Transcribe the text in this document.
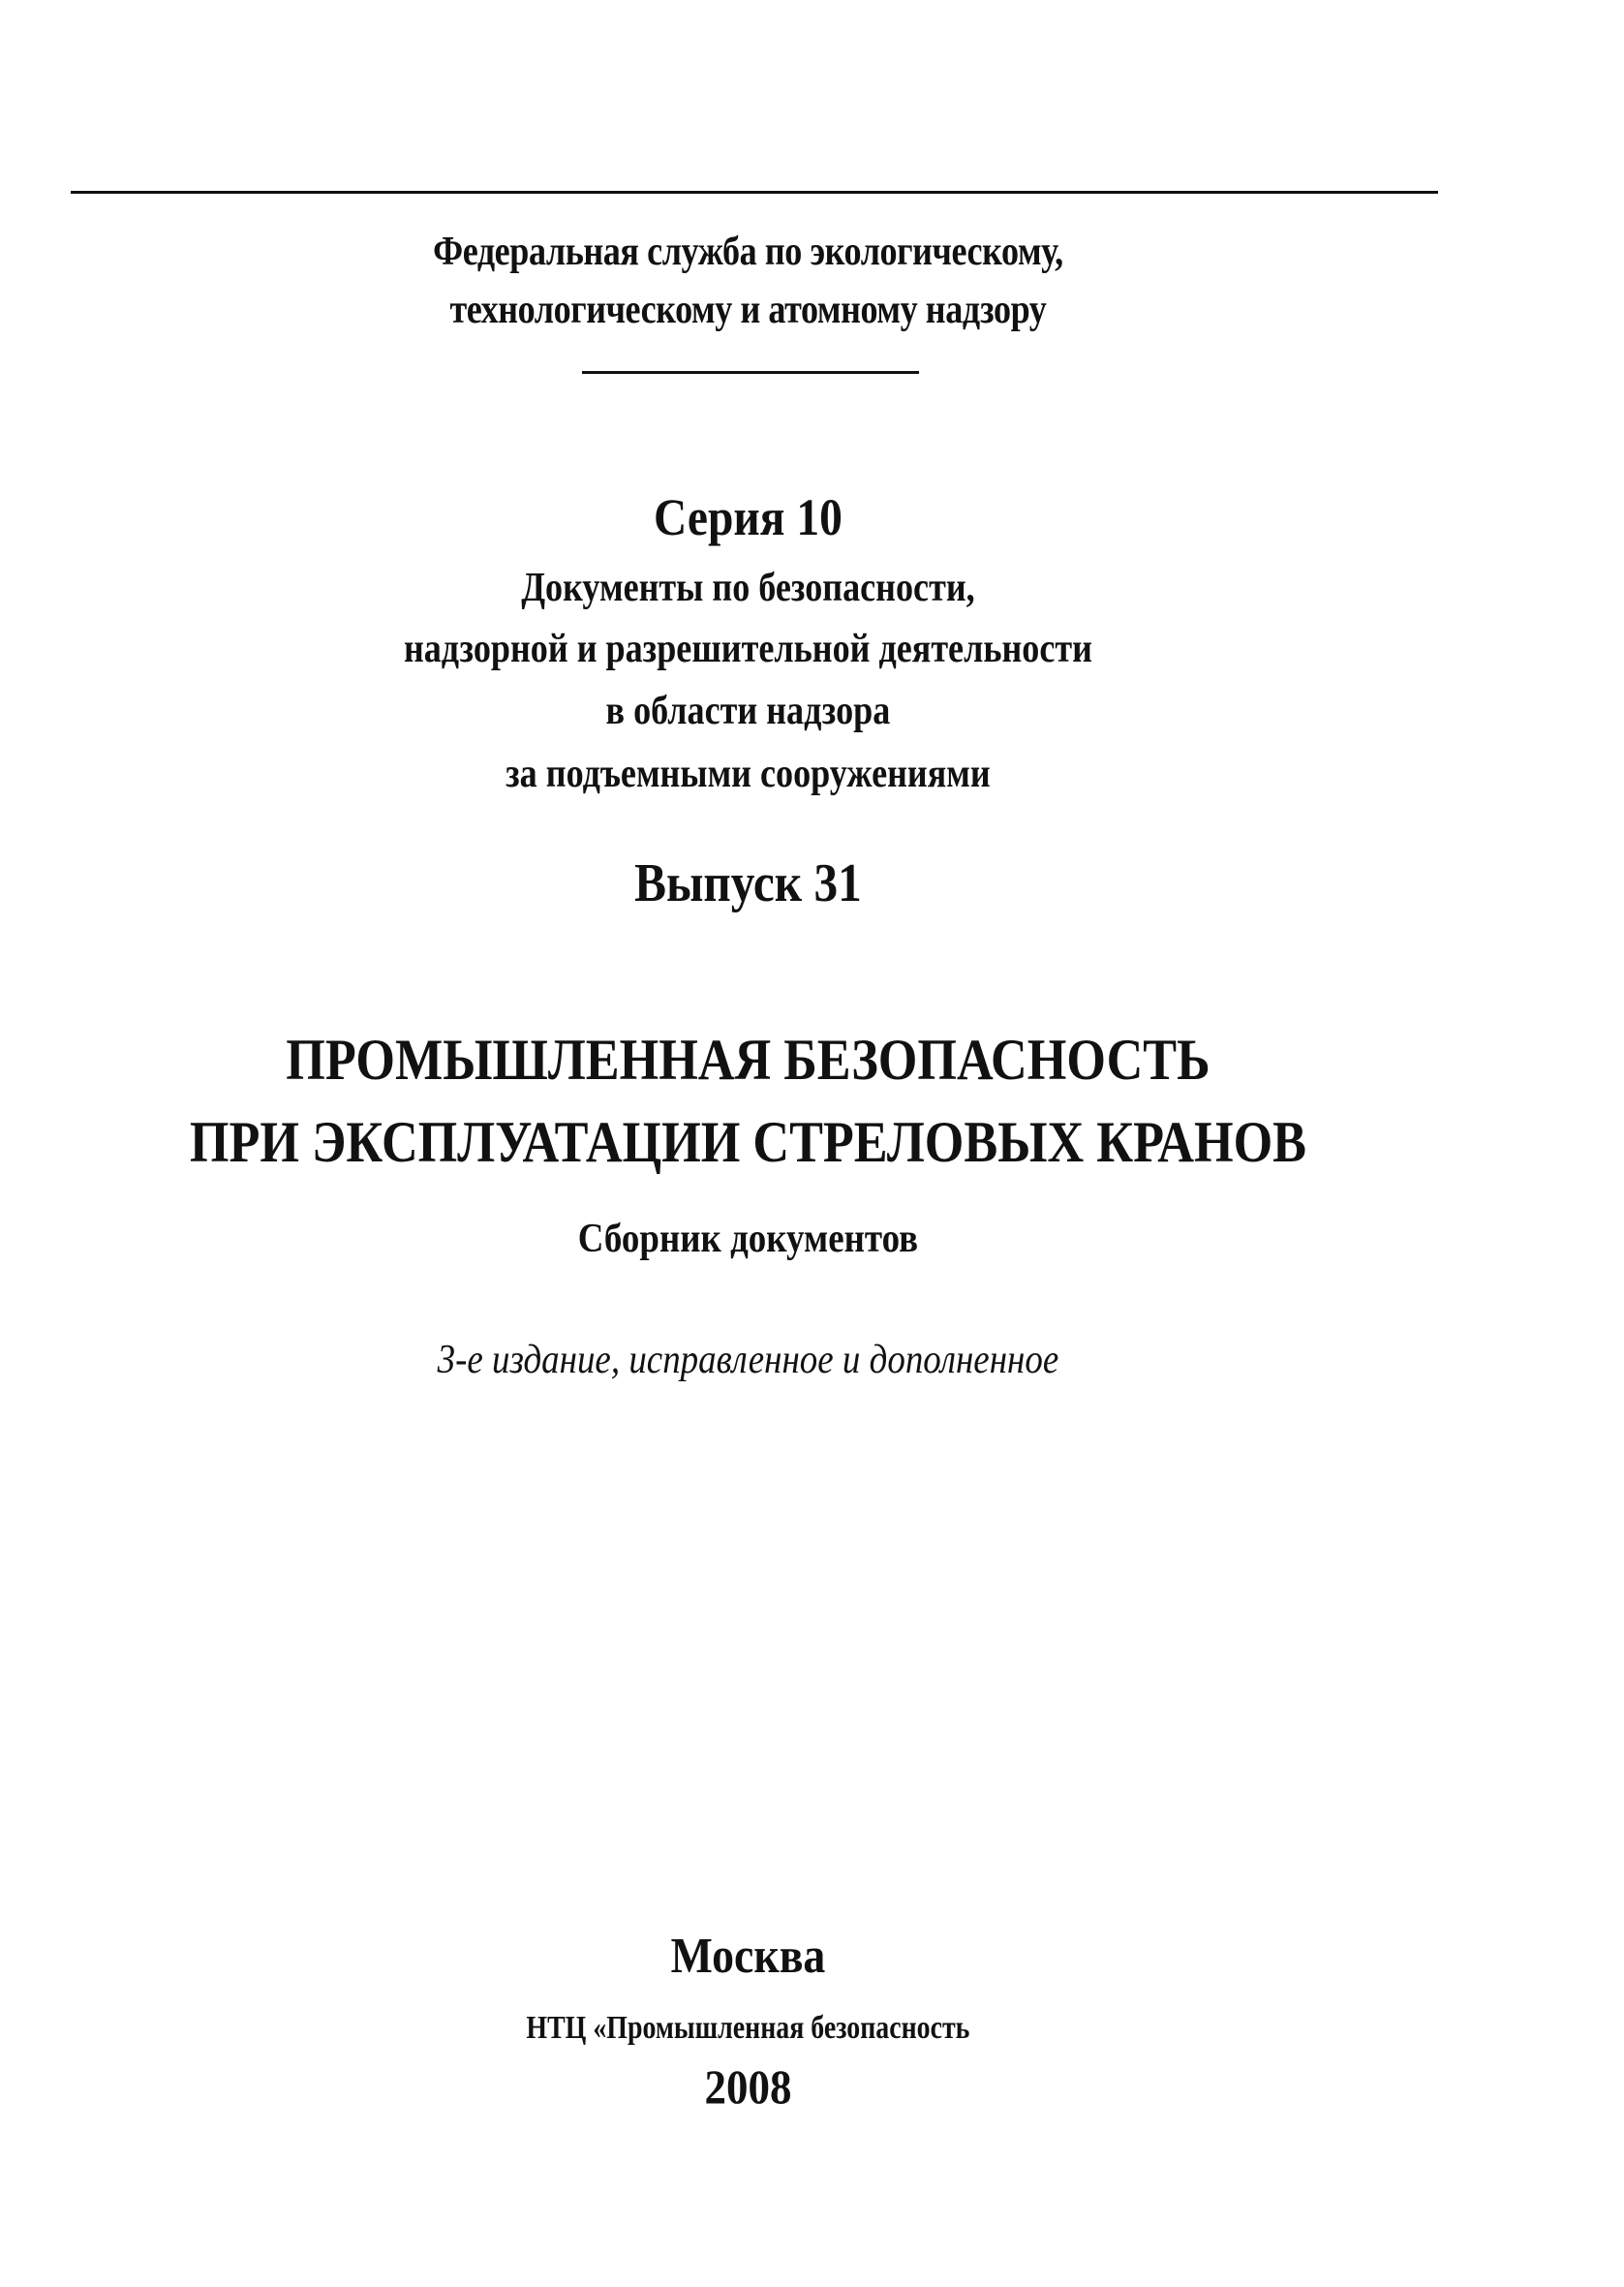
Федеральная служба по экологическому,
технологическому и атомному надзору
Серия 10
Документы по безопасности,
надзорной и разрешительной деятельности
в области надзора
за подъемными сооружениями
Выпуск 31
ПРОМЫШЛЕННАЯ БЕЗОПАСНОСТЬ
ПРИ ЭКСПЛУАТАЦИИ СТРЕЛОВЫХ КРАНОВ
Сборник документов
3-е издание, исправленное и дополненное
Москва
НТЦ «Промышленная безопасность
2008
